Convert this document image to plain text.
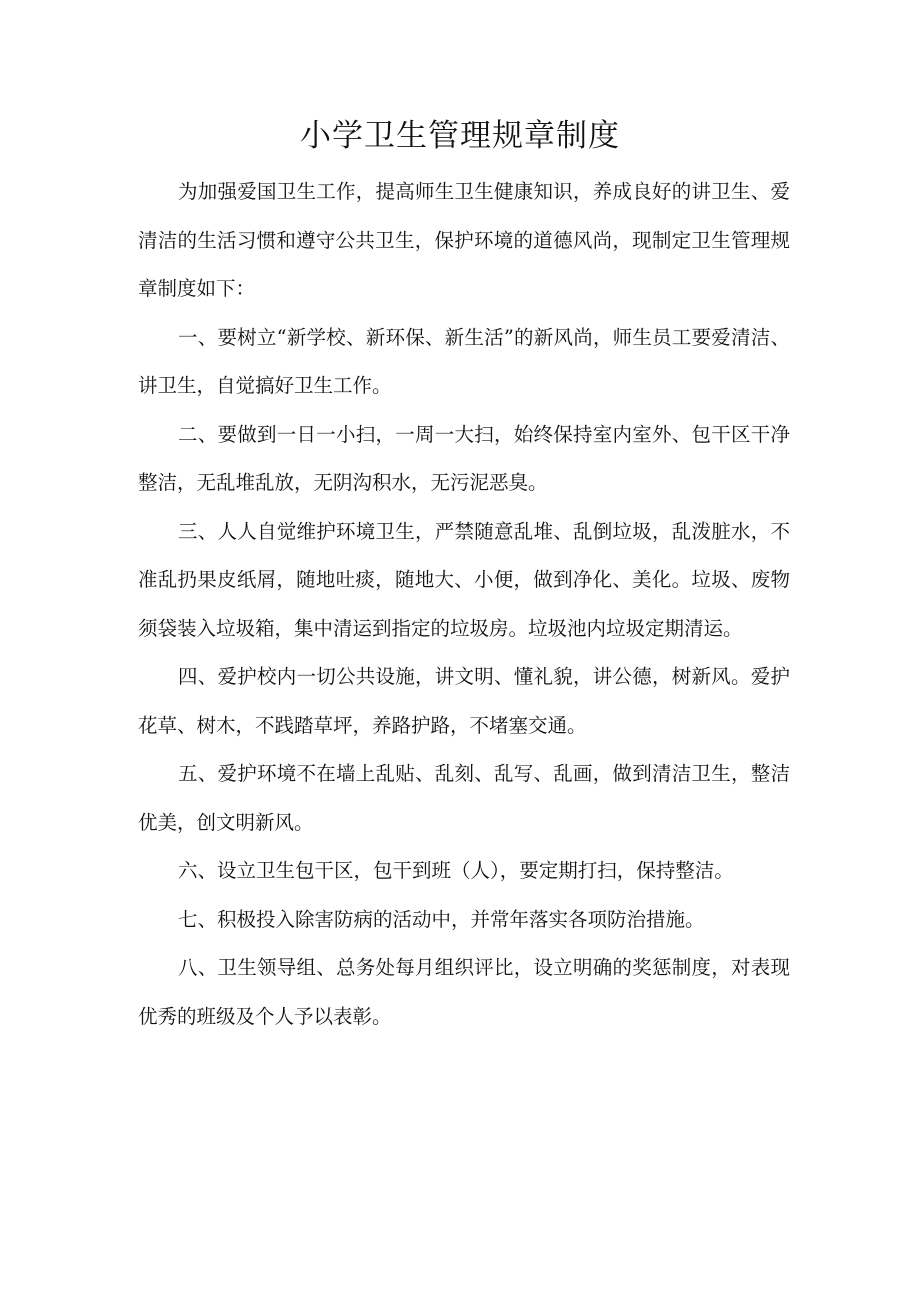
小学卫生管理规章制度

为加强爱国卫生工作，提高师生卫生健康知识，养成良好的讲卫生、爱清洁的生活习惯和遵守公共卫生，保护环境的道德风尚，现制定卫生管理规章制度如下：

一、要树立“新学校、新环保、新生活”的新风尚，师生员工要爱清洁、讲卫生，自觉搞好卫生工作。

二、要做到一日一小扫，一周一大扫，始终保持室内室外、包干区干净整洁，无乱堆乱放，无阴沟积水，无污泥恶臭。

三、人人自觉维护环境卫生，严禁随意乱堆、乱倒垃圾，乱泼脏水，不准乱扔果皮纸屑，随地吐痰，随地大、小便，做到净化、美化。垃圾、废物须袋装入垃圾箱，集中清运到指定的垃圾房。垃圾池内垃圾定期清运。

四、爱护校内一切公共设施，讲文明、懂礼貌，讲公德，树新风。爱护花草、树木，不践踏草坪，养路护路，不堵塞交通。

五、爱护环境不在墙上乱贴、乱刻、乱写、乱画，做到清洁卫生，整洁优美，创文明新风。

六、设立卫生包干区，包干到班（人），要定期打扫，保持整洁。

七、积极投入除害防病的活动中，并常年落实各项防治措施。

八、卫生领导组、总务处每月组织评比，设立明确的奖惩制度，对表现优秀的班级及个人予以表彰。
